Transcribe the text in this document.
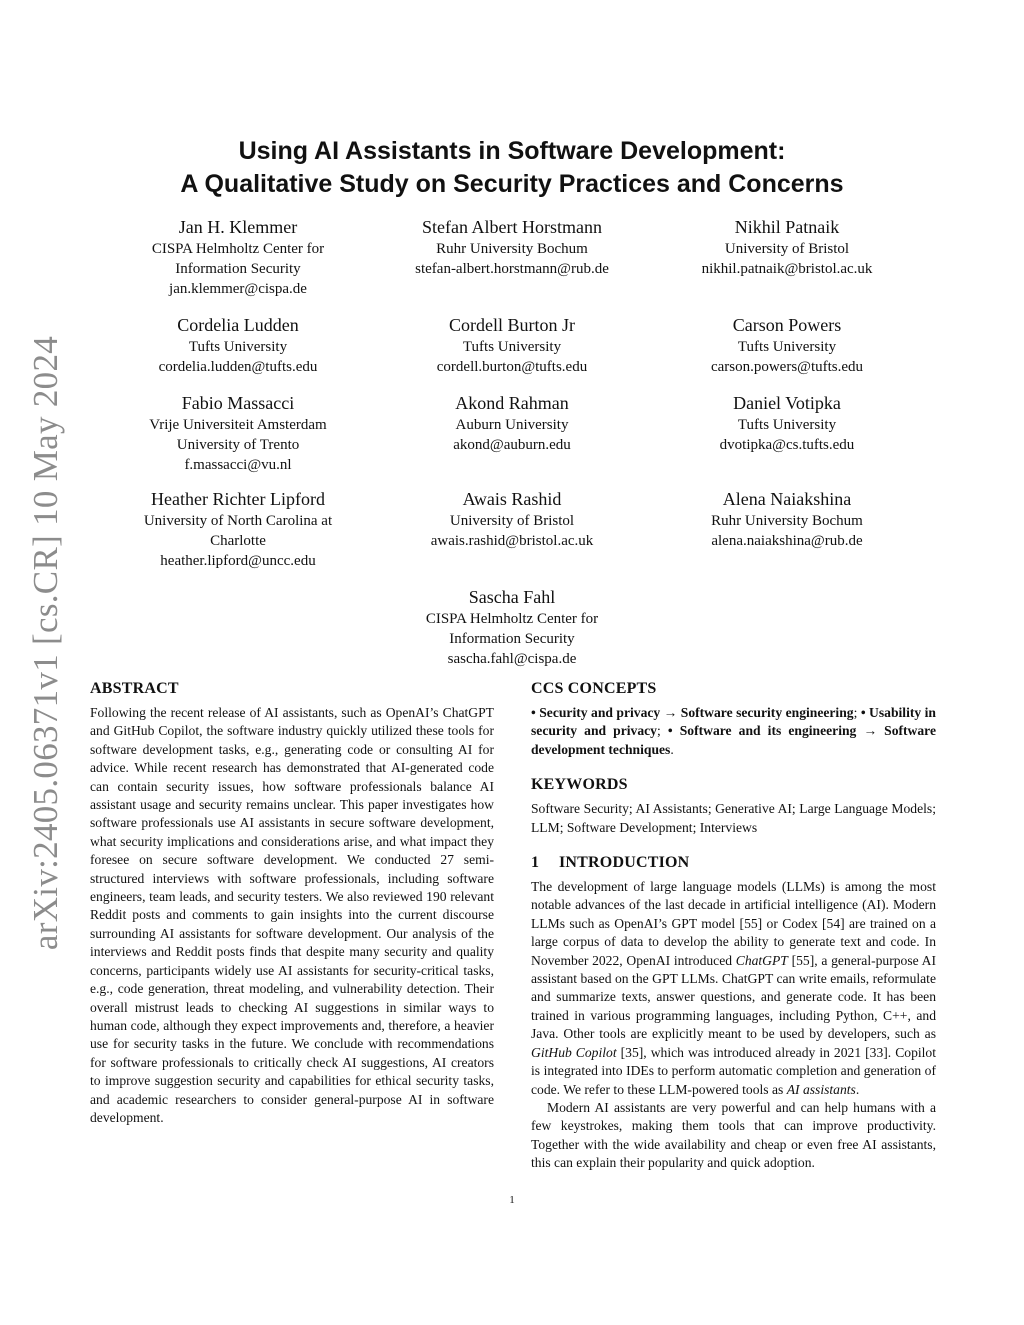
arXiv:2405.06371v1 [cs.CR] 10 May 2024
Using AI Assistants in Software Development:
A Qualitative Study on Security Practices and Concerns
Jan H. Klemmer
CISPA Helmholtz Center for
Information Security
jan.klemmer@cispa.de
Stefan Albert Horstmann
Ruhr University Bochum
stefan-albert.horstmann@rub.de
Nikhil Patnaik
University of Bristol
nikhil.patnaik@bristol.ac.uk
Cordelia Ludden
Tufts University
cordelia.ludden@tufts.edu
Cordell Burton Jr
Tufts University
cordell.burton@tufts.edu
Carson Powers
Tufts University
carson.powers@tufts.edu
Fabio Massacci
Vrije Universiteit Amsterdam
University of Trento
f.massacci@vu.nl
Akond Rahman
Auburn University
akond@auburn.edu
Daniel Votipka
Tufts University
dvotipka@cs.tufts.edu
Heather Richter Lipford
University of North Carolina at
Charlotte
heather.lipford@uncc.edu
Awais Rashid
University of Bristol
awais.rashid@bristol.ac.uk
Alena Naiakshina
Ruhr University Bochum
alena.naiakshina@rub.de
Sascha Fahl
CISPA Helmholtz Center for
Information Security
sascha.fahl@cispa.de
ABSTRACT

Following the recent release of AI assistants, such as OpenAI’s ChatGPT and GitHub Copilot, the software industry quickly utilized these tools for software development tasks, e.g., generating code or consulting AI for advice. While recent research has demonstrated that AI-generated code can contain security issues, how software professionals balance AI assistant usage and security remains unclear. This paper investigates how software professionals use AI assistants in secure software development, what security implications and considerations arise, and what impact they foresee on secure software development. We conducted 27 semi-structured interviews with software professionals, including software engineers, team leads, and security testers. We also reviewed 190 relevant Reddit posts and comments to gain insights into the current discourse surrounding AI assistants for software development. Our analysis of the interviews and Reddit posts finds that despite many security and quality concerns, participants widely use AI assistants for security-critical tasks, e.g., code generation, threat modeling, and vulnerability detection. Their overall mistrust leads to checking AI suggestions in similar ways to human code, although they expect improvements and, therefore, a heavier use for security tasks in the future. We conclude with recommendations for software professionals to critically check AI suggestions, AI creators to improve suggestion security and capabilities for ethical security tasks, and academic researchers to consider general-purpose AI in software development.

CCS CONCEPTS

• Security and privacy → Software security engineering; • Usability in security and privacy; • Software and its engineering → Software development techniques.

KEYWORDS

Software Security; AI Assistants; Generative AI; Large Language Models; LLM; Software Development; Interviews

1 INTRODUCTION

The development of large language models (LLMs) is among the most notable advances of the last decade in artificial intelligence (AI). Modern LLMs such as OpenAI’s GPT model [55] or Codex [54] are trained on a large corpus of data to develop the ability to generate text and code. In November 2022, OpenAI introduced ChatGPT [55], a general-purpose AI assistant based on the GPT LLMs. ChatGPT can write emails, reformulate and summarize texts, answer questions, and generate code. It has been trained in various programming languages, including Python, C++, and Java. Other tools are explicitly meant to be used by developers, such as GitHub Copilot [35], which was introduced already in 2021 [33]. Copilot is integrated into IDEs to perform automatic completion and generation of code. We refer to these LLM-powered tools as AI assistants.

Modern AI assistants are very powerful and can help humans with a few keystrokes, making them tools that can improve productivity. Together with the wide availability and cheap or even free AI assistants, this can explain their popularity and quick adoption.

1
